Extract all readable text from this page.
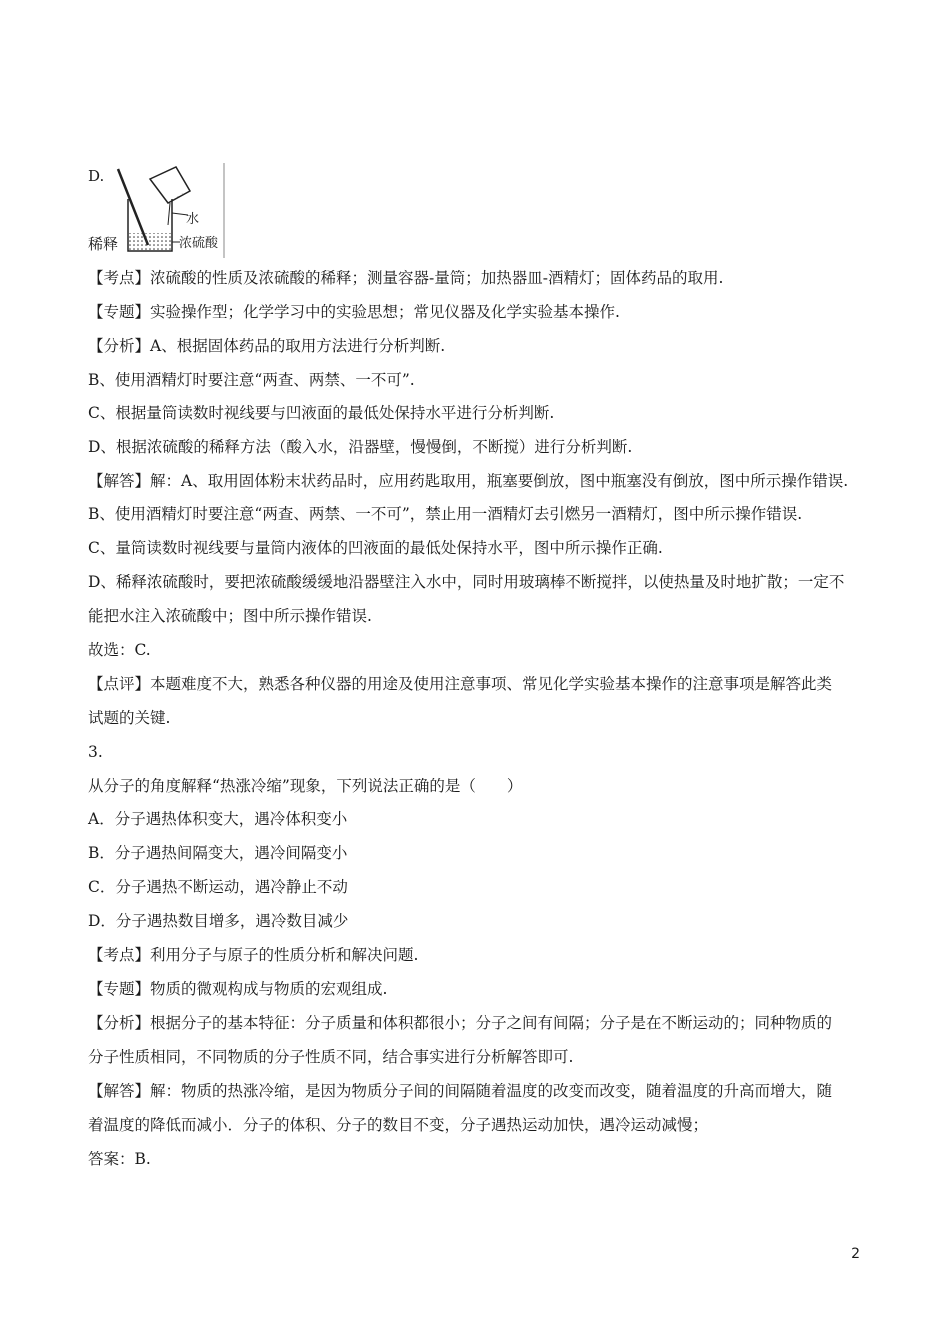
D.
稀释
水
浓硫酸
【考点】浓硫酸的性质及浓硫酸的稀释；测量容器-量筒；加热器皿-酒精灯；固体药品的取用.
【专题】实验操作型；化学学习中的实验思想；常见仪器及化学实验基本操作.
【分析】A、根据固体药品的取用方法进行分析判断.
B、使用酒精灯时要注意“两查、两禁、一不可”.
C、根据量筒读数时视线要与凹液面的最低处保持水平进行分析判断.
D、根据浓硫酸的稀释方法（酸入水，沿器壁，慢慢倒，不断搅）进行分析判断.
【解答】解：A、取用固体粉末状药品时，应用药匙取用，瓶塞要倒放，图中瓶塞没有倒放，图中所示操作错误.
B、使用酒精灯时要注意“两查、两禁、一不可”，禁止用一酒精灯去引燃另一酒精灯，图中所示操作错误.
C、量筒读数时视线要与量筒内液体的凹液面的最低处保持水平，图中所示操作正确.
D、稀释浓硫酸时，要把浓硫酸缓缓地沿器壁注入水中，同时用玻璃棒不断搅拌，以使热量及时地扩散；一定不
能把水注入浓硫酸中；图中所示操作错误.
故选：C.
【点评】本题难度不大，熟悉各种仪器的用途及使用注意事项、常见化学实验基本操作的注意事项是解答此类
试题的关键.
3.
从分子的角度解释“热涨冷缩”现象，下列说法正确的是（　　）
A．分子遇热体积变大，遇冷体积变小
B．分子遇热间隔变大，遇冷间隔变小
C．分子遇热不断运动，遇冷静止不动
D．分子遇热数目增多，遇冷数目减少
【考点】利用分子与原子的性质分析和解决问题.
【专题】物质的微观构成与物质的宏观组成.
【分析】根据分子的基本特征：分子质量和体积都很小；分子之间有间隔；分子是在不断运动的；同种物质的
分子性质相同，不同物质的分子性质不同，结合事实进行分析解答即可.
【解答】解：物质的热涨冷缩，是因为物质分子间的间隔随着温度的改变而改变，随着温度的升高而增大，随
着温度的降低而减小．分子的体积、分子的数目不变，分子遇热运动加快，遇冷运动减慢；
答案：B.
2
